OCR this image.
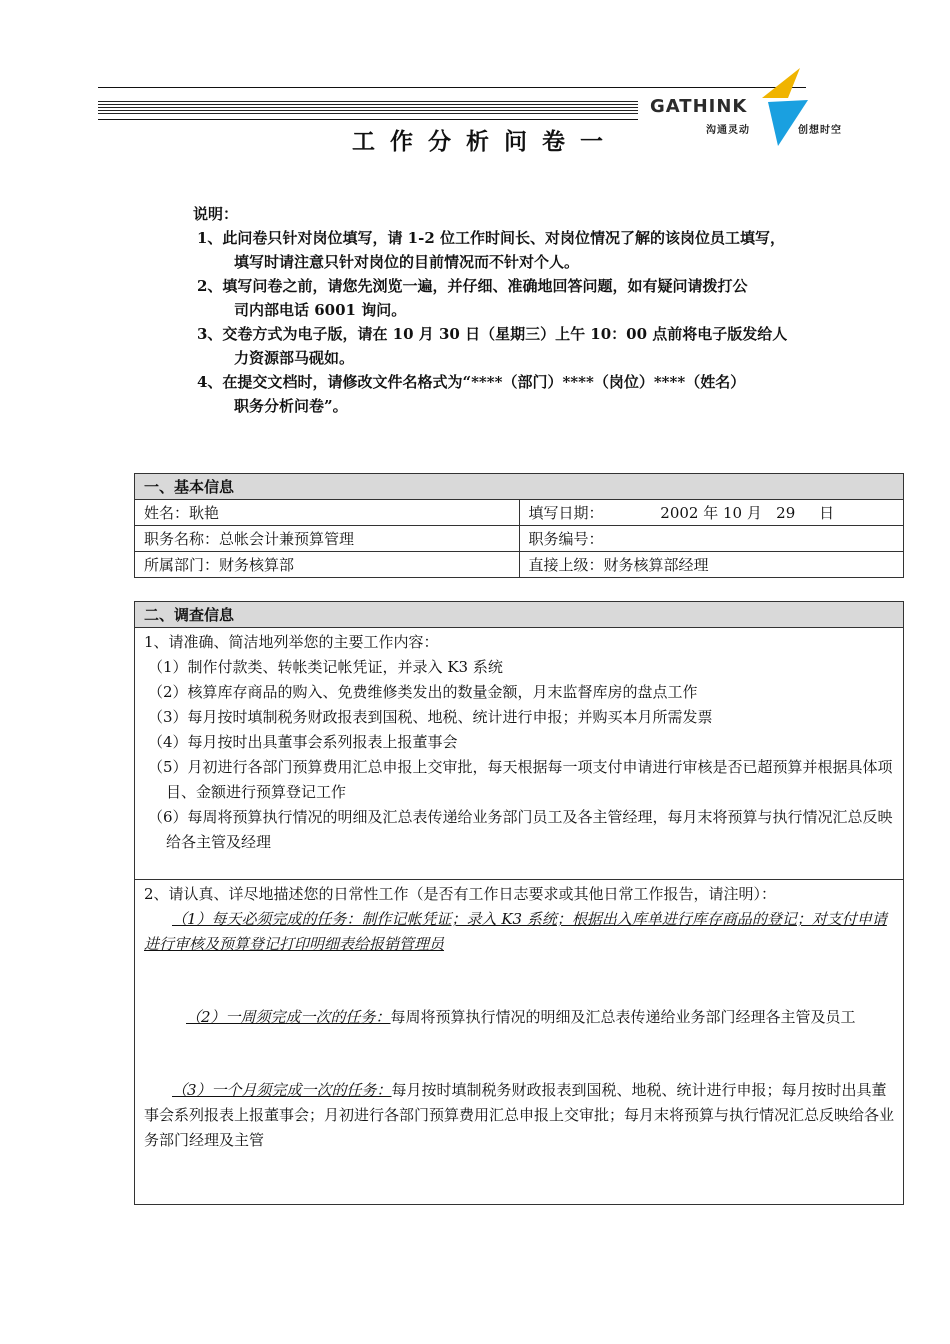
GATHINK
沟通灵动	创想时空
工作分析问卷一
说明：
1、此问卷只针对岗位填写，请 1-2 位工作时间长、对岗位情况了解的该岗位员工填写，
填写时请注意只针对岗位的目前情况而不针对个人。
2、填写问卷之前，请您先浏览一遍，并仔细、准确地回答问题，如有疑问请拨打公
司内部电话 6001 询问。
3、交卷方式为电子版，请在 10 月 30 日（星期三）上午 10：00 点前将电子版发给人
力资源部马砚如。
4、在提交文档时，请修改文件名格式为“****（部门）****（岗位）****（姓名）
职务分析问卷”。
一、基本信息	
姓名：耿艳	填写日期： 2002 年 10 月   29     日
职务名称：总帐会计兼预算管理	职务编号：
所属部门：财务核算部	直接上级：财务核算部经理
二、调查信息

1、请准确、简洁地列举您的主要工作内容：
（1）制作付款类、转帐类记帐凭证，并录入 K3 系统
（2）核算库存商品的购入、免费维修类发出的数量金额，月末监督库房的盘点工作
（3）每月按时填制税务财政报表到国税、地税、统计进行申报；并购买本月所需发票
（4）每月按时出具董事会系列报表上报董事会
（5）月初进行各部门预算费用汇总申报上交审批，每天根据每一项支付申请进行审核是否已超预算并根据具体项目、金额进行预算登记工作
（6）每周将预算执行情况的明细及汇总表传递给业务部门员工及各主管经理，每月末将预算与执行情况汇总反映给各主管及经理

2、请认真、详尽地描述您的日常性工作（是否有工作日志要求或其他日常工作报告，请注明）：
（1）每天必须完成的任务：制作记帐凭证；录入 K3 系统；根据出入库单进行库存商品的登记；对支付申请进行审核及预算登记打印明细表给报销管理员
（2）一周须完成一次的任务：每周将预算执行情况的明细及汇总表传递给业务部门经理各主管及员工
（3）一个月须完成一次的任务：每月按时填制税务财政报表到国税、地税、统计进行申报；每月按时出具董事会系列报表上报董事会；月初进行各部门预算费用汇总申报上交审批；每月末将预算与执行情况汇总反映给各业务部门经理及主管
